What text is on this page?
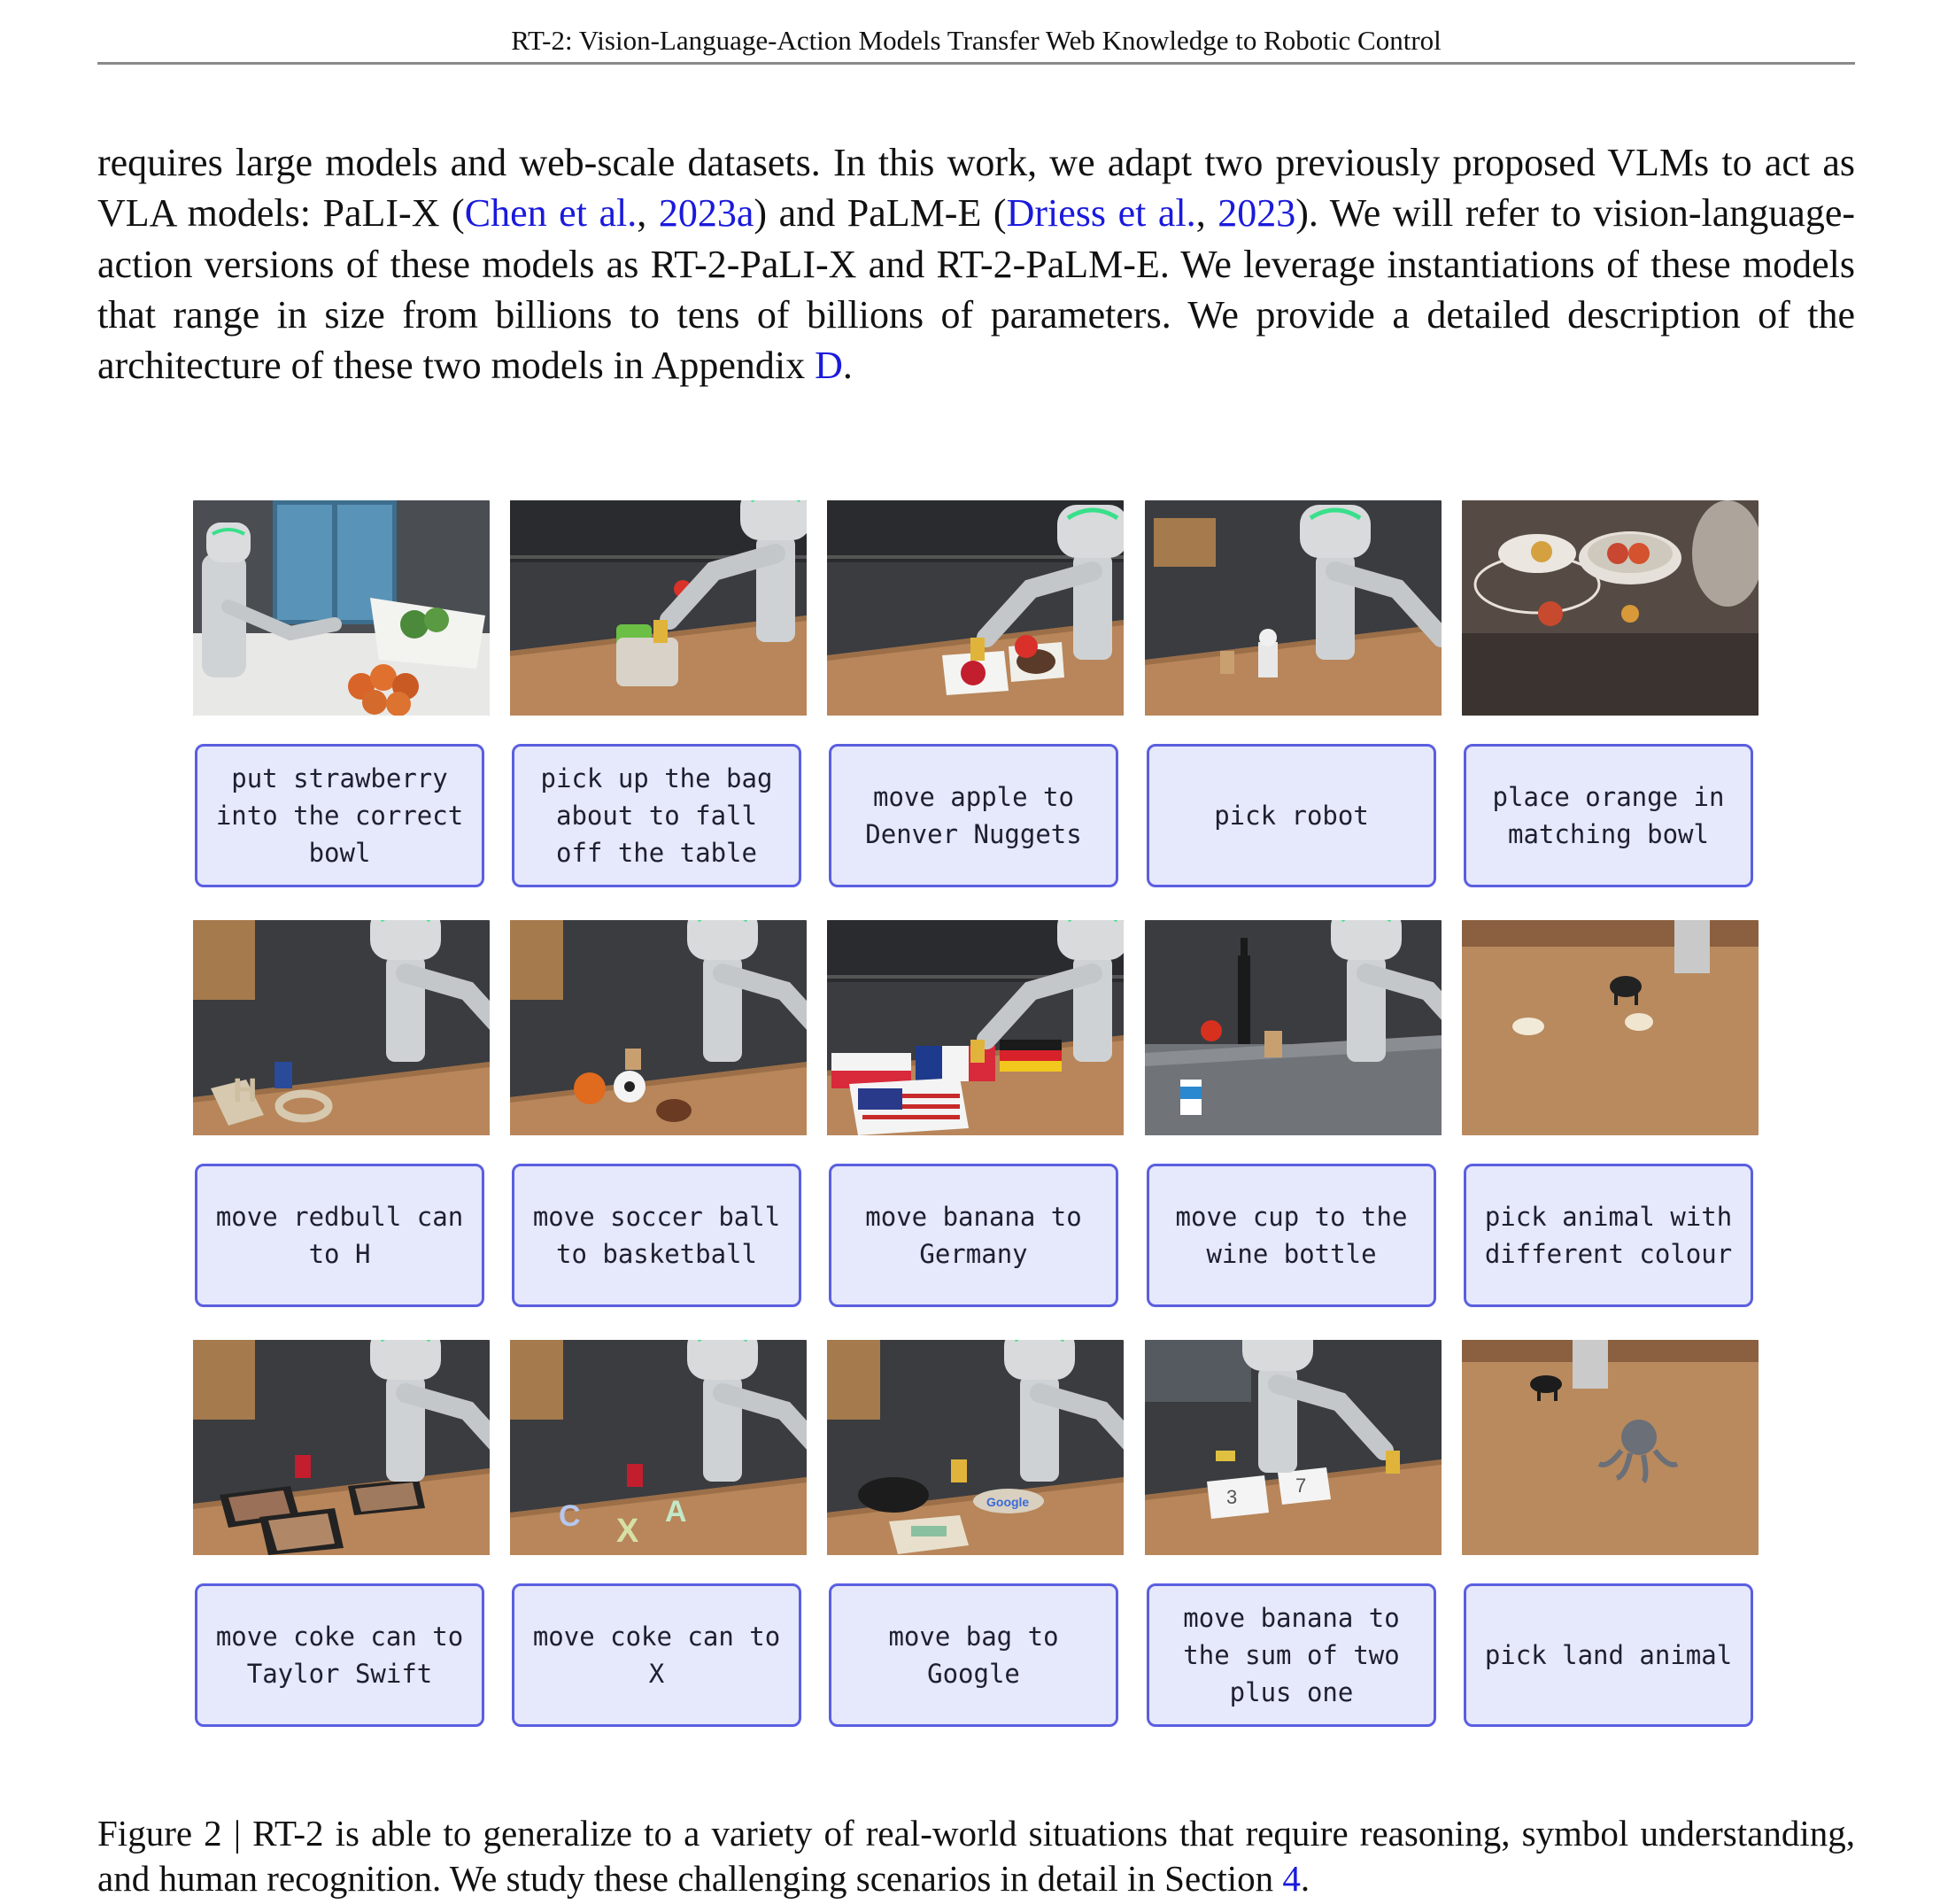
RT-2: Vision-Language-Action Models Transfer Web Knowledge to Robotic Control

requires large models and web-scale datasets. In this work, we adapt two previously proposed VLMs to act as VLA models: PaLI-X (Chen et al., 2023a) and PaLM-E (Driess et al., 2023). We will refer to vision-language-action versions of these models as RT-2-PaLI-X and RT-2-PaLM-E. We leverage instantiations of these models that range in size from billions to tens of billions of parameters. We provide a detailed description of the architecture of these two models in Appendix D.

put strawberry
into the correct
bowl
pick up the bag
about to fall
off the table
move apple to
Denver Nuggets
pick robot
place orange in
matching bowl
H
move redbull can
to H
move soccer ball
to basketball
move banana to
Germany
move cup to the
wine bottle
pick animal with
different colour
move coke can to
Taylor Swift
C X
A
move coke can to
X
Google
move bag to
Google
3
7
move banana to
the sum of two
plus one
pick land animal

Figure 2 | RT-2 is able to generalize to a variety of real-world situations that require reasoning, symbol understanding, and human recognition. We study these challenging scenarios in detail in Section 4.
